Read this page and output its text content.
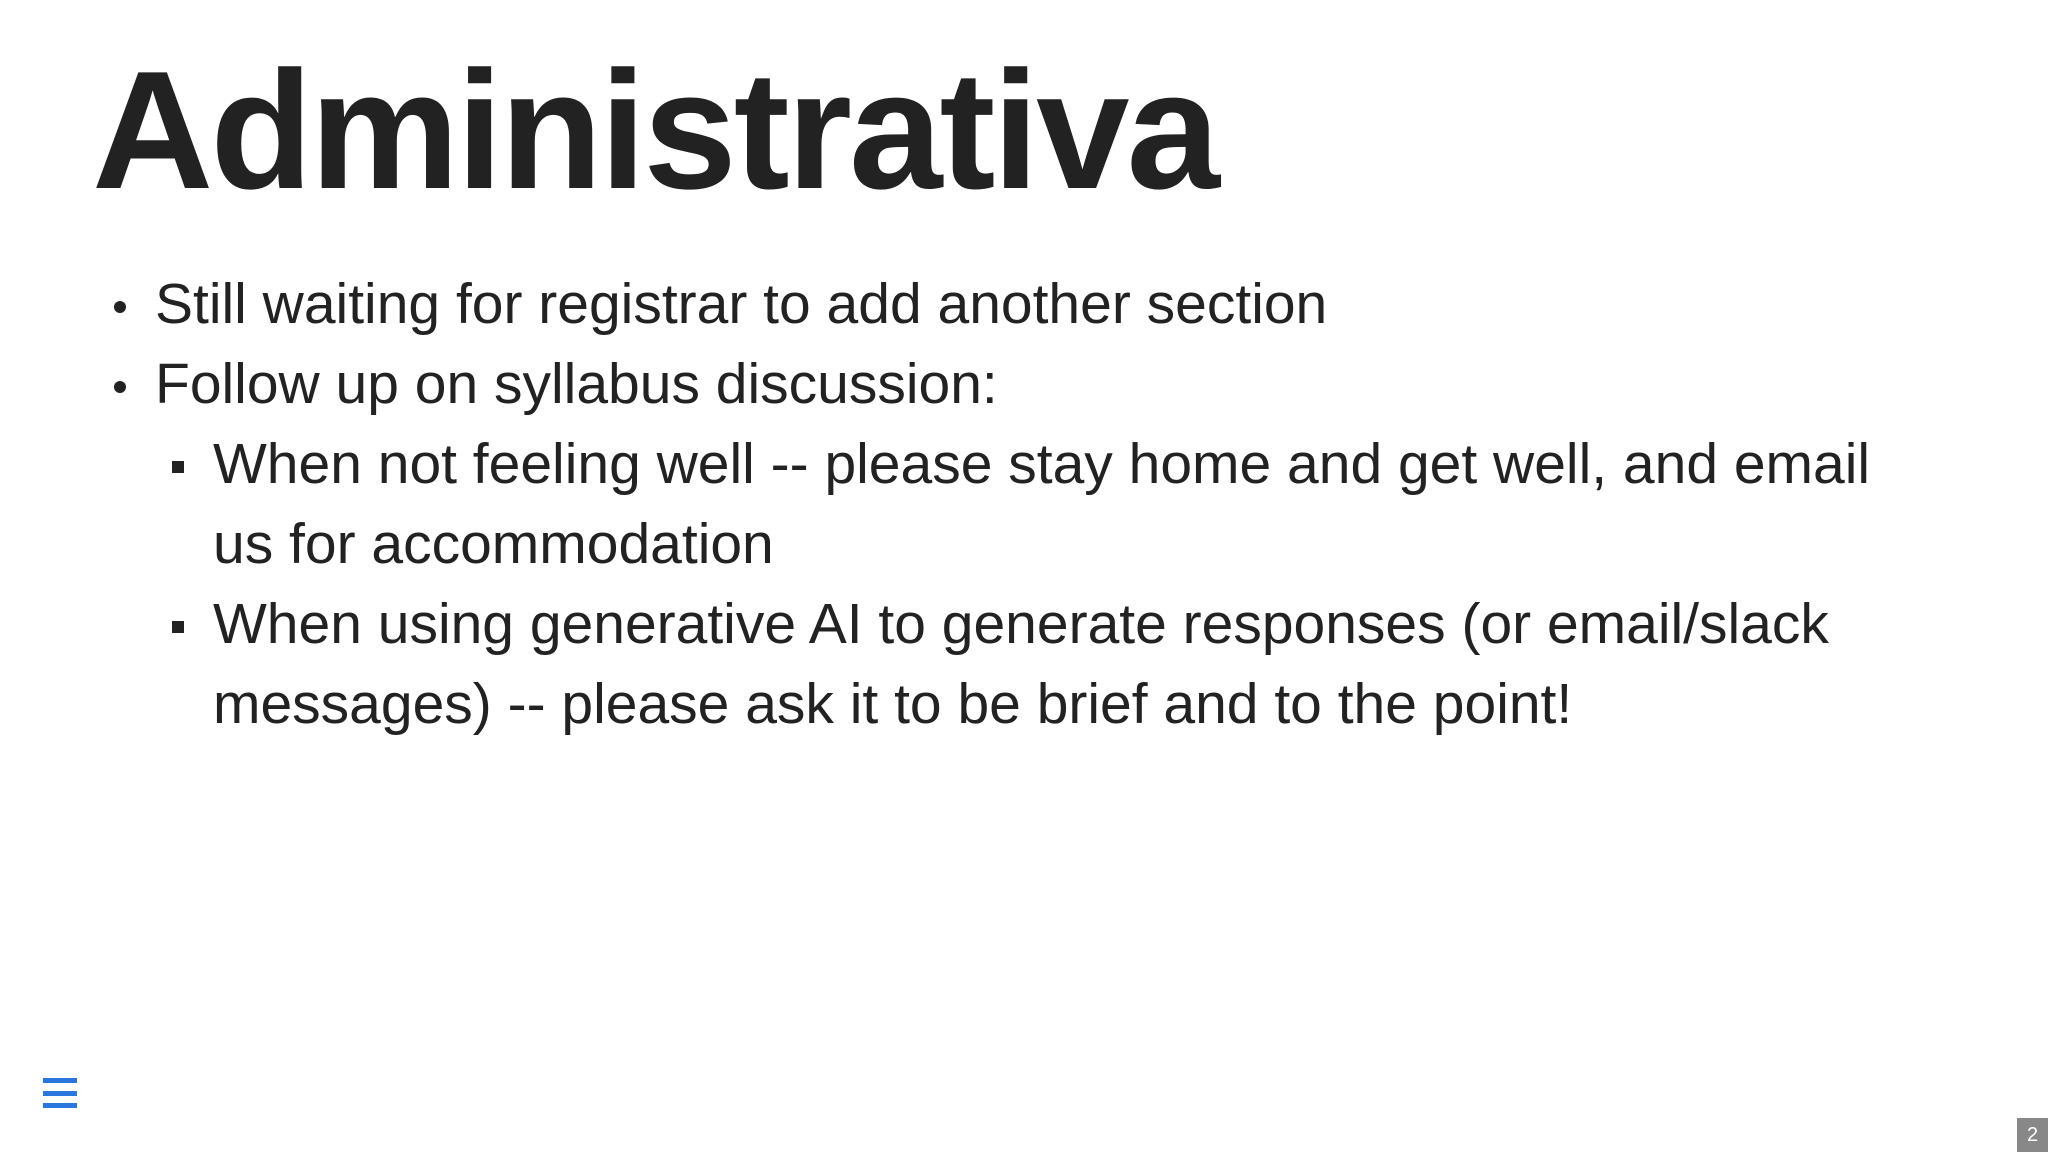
Administrativa
Still waiting for registrar to add another section
Follow up on syllabus discussion:
When not feeling well -- please stay home and get well, and email us for accommodation
When using generative AI to generate responses (or email/slack messages) -- please ask it to be brief and to the point!
2
